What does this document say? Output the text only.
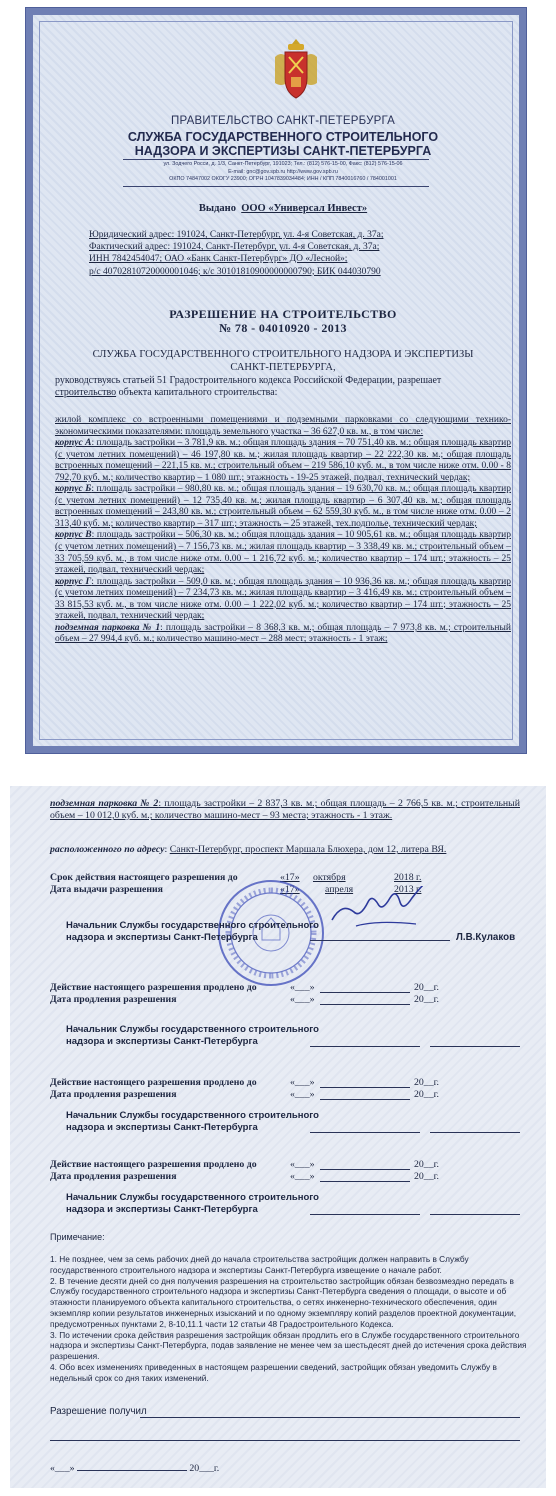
ПРАВИТЕЛЬСТВО САНКТ-ПЕТЕРБУРГА
СЛУЖБА ГОСУДАРСТВЕННОГО СТРОИТЕЛЬНОГО
НАДЗОРА И ЭКСПЕРТИЗЫ САНКТ-ПЕТЕРБУРГА
ул. Зодчего Росси, д. 1/3, Санкт-Петербург, 191023; Тел.: (812) 576-15-00, Факс: (812) 576-15-06
E-mail: gnc@gov.spb.ru http://www.gov.spb.ru
ОКПО 74847002 ОКОГУ 23900; ОГРН 1047839034484; ИНН / КПП 7840016760 / 784001001
Выдано ООО «Универсал Инвест»
Юридический адрес: 191024, Санкт-Петербург, ул. 4-я Советская, д. 37а;
Фактический адрес: 191024, Санкт-Петербург, ул. 4-я Советская, д. 37а;
ИНН 7842454047; ОАО «Банк Санкт-Петербург» ДО «Лесной»;
р/с 40702810720000001046; к/с 30101810900000000790; БИК 044030790
РАЗРЕШЕНИЕ НА СТРОИТЕЛЬСТВО
№ 78 - 04010920 - 2013
СЛУЖБА ГОСУДАРСТВЕННОГО СТРОИТЕЛЬНОГО НАДЗОРА И ЭКСПЕРТИЗЫ
САНКТ-ПЕТЕРБУРГА,
руководствуясь статьей 51 Градостроительного кодекса Российской Федерации, разрешает
строительство объекта капитального строительства:

жилой комплекс со встроенными помещениями и подземными парковками со следующими технико-экономическими показателями: площадь земельного участка – 36 627,0 кв. м., в том числе:

корпус А: площадь застройки – 3 781,9 кв. м.; общая площадь здания – 70 751,40 кв. м.; общая площадь квартир (с учетом летних помещений) – 46 197,80 кв. м.; жилая площадь квартир – 22 222,30 кв. м.; общая площадь встроенных помещений – 221,15 кв. м.; строительный объем – 219 586,10 куб. м., в том числе ниже отм. 0.00 - 8 792,70 куб. м.; количество квартир – 1 080 шт.; этажность - 19-25 этажей, подвал, технический чердак;

корпус Б: площадь застройки – 980,80 кв. м.; общая площадь здания – 19 630,70 кв. м.; общая площадь квартир (с учетом летних помещений) – 12 735,40 кв. м.; жилая площадь квартир – 6 307,40 кв. м.; общая площадь встроенных помещений – 243,80 кв. м.; строительный объем – 62 559,30 куб. м., в том числе ниже отм. 0.00 – 2 313,40 куб. м.; количество квартир – 317 шт.; этажность – 25 этажей, тех.подполье, технический чердак;

корпус В: площадь застройки – 506,30 кв. м.; общая площадь здания – 10 905,61 кв. м.; общая площадь квартир (с учетом летних помещений) – 7 156,73 кв. м.; жилая площадь квартир – 3 338,49 кв. м.; строительный объем – 33 705,59 куб. м., в том числе ниже отм. 0.00 – 1 216,72 куб. м.; количество квартир – 174 шт.; этажность – 25 этажей, подвал, технический чердак;

корпус Г: площадь застройки – 509,0 кв. м.; общая площадь здания – 10 936,36 кв. м.; общая площадь квартир (с учетом летних помещений) – 7 234,73 кв. м.; жилая площадь квартир – 3 416,49 кв. м.; строительный объем – 33 815,53 куб. м., в том числе ниже отм. 0.00 – 1 222,02 куб. м.; количество квартир – 174 шт.; этажность – 25 этажей, подвал, технический чердак;

подземная парковка № 1: площадь застройки – 8 368,3 кв. м.; общая площадь – 7 973,8 кв. м.; строительный объем – 27 994,4 куб. м.; количество машино-мест – 288 мест; этажность - 1 этаж;

подземная парковка № 2: площадь застройки – 2 837,3 кв. м.; общая площадь – 2 766,5 кв. м.; строительный объем – 10 012,0 куб. м.; количество машино-мест – 93 места; этажность - 1 этаж.

расположенного по адресу: Санкт-Петербург, проспект Маршала Блюхера, дом 12, литера ВЯ.
Срок действия настоящего разрешения до	«17» октября	2018 г.
Дата выдачи разрешения	«17»	апреля	2013 г.
Начальник Службы государственного строительного
надзора и экспертизы Санкт-Петербурга	Л.В.Кулаков
Действие настоящего разрешения продлено до	«___»	20__г.
Дата продления разрешения	«___»	20__г.
Начальник Службы государственного строительного
надзора и экспертизы Санкт-Петербурга
Действие настоящего разрешения продлено до	«___»	20__г.
Дата продления разрешения	«___»	20__г.
Начальник Службы государственного строительного
надзора и экспертизы Санкт-Петербурга
Действие настоящего разрешения продлено до	«___»	20__г.
Дата продления разрешения	«___»	20__г.
Начальник Службы государственного строительного
надзора и экспертизы Санкт-Петербурга
Примечание:
1. Не позднее, чем за семь рабочих дней до начала строительства застройщик должен направить в Службу государственного строительного надзора и экспертизы Санкт-Петербурга извещение о начале работ.
2. В течение десяти дней со дня получения разрешения на строительство застройщик обязан безвозмездно передать в Службу государственного строительного надзора и экспертизы Санкт-Петербурга сведения о площади, о высоте и об этажности планируемого объекта капитального строительства, о сетях инженерно-технического обеспечения, один экземпляр копии результатов инженерных изысканий и по одному экземпляру копий разделов проектной документации, предусмотренных пунктами 2, 8-10,11.1 части 12 статьи 48 Градостроительного Кодекса.
3. По истечении срока действия разрешения застройщик обязан продлить его в Службе государственного строительного надзора и экспертизы Санкт-Петербурга, подав заявление не менее чем за шестьдесят дней до истечения срока действия разрешения.
4. Обо всех изменениях приведенных в настоящем разрешении сведений, застройщик обязан уведомить Службу в недельный срок со дня таких изменений.
Разрешение получил
«___»	20___г.
